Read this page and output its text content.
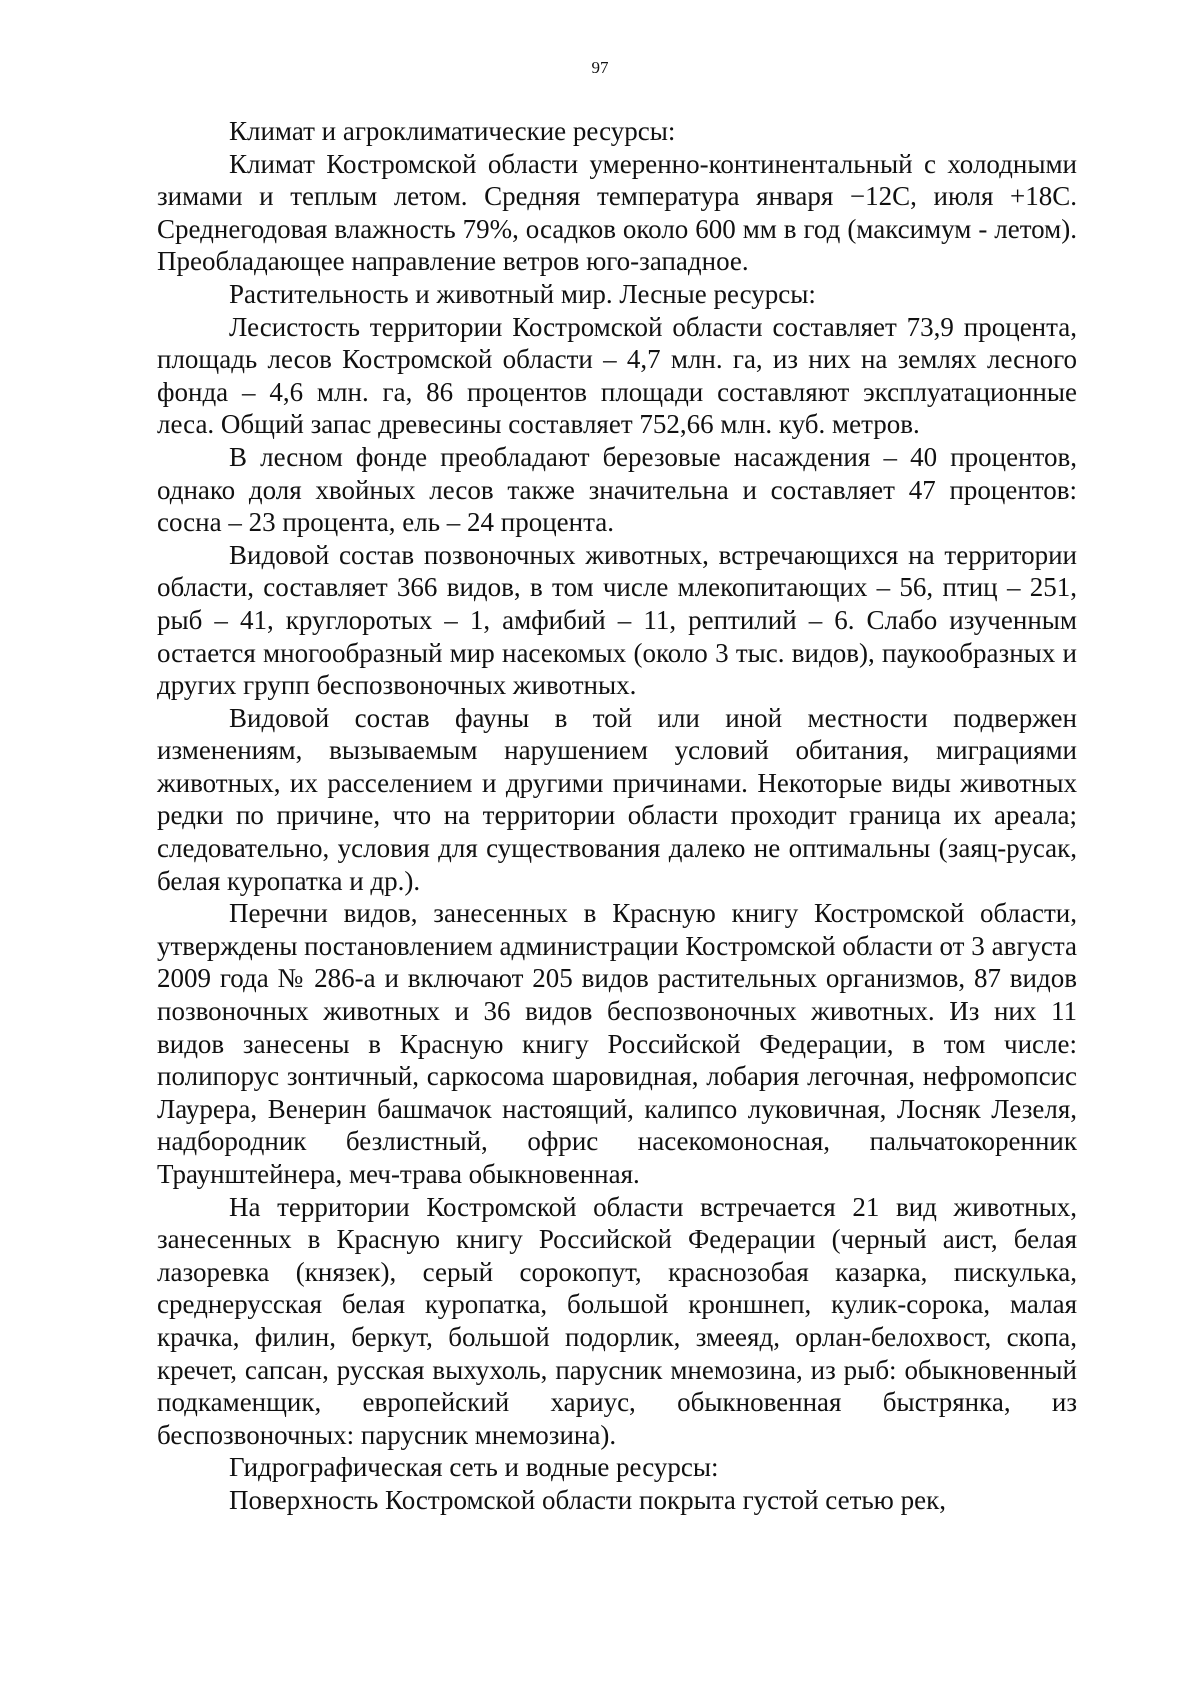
97

Климат и агроклиматические ресурсы:

Климат Костромской области умеренно-континентальный с холодными зимами и теплым летом. Средняя температура января −12С, июля +18С. Среднегодовая влажность 79%, осадков около 600 мм в год (максимум - летом). Преобладающее направление ветров юго-западное.

Растительность и животный мир. Лесные ресурсы:

Лесистость территории Костромской области составляет 73,9 процента, площадь лесов Костромской области – 4,7 млн. га, из них на землях лесного фонда – 4,6 млн. га, 86 процентов площади составляют эксплуатационные леса. Общий запас древесины составляет 752,66 млн. куб. метров.

В лесном фонде преобладают березовые насаждения – 40 процентов, однако доля хвойных лесов также значительна и составляет 47 процентов: сосна – 23 процента, ель – 24 процента.

Видовой состав позвоночных животных, встречающихся на территории области, составляет 366 видов, в том числе млекопитающих – 56, птиц – 251, рыб – 41, круглоротых – 1, амфибий – 11, рептилий – 6. Слабо изученным остается многообразный мир насекомых (около 3 тыс. видов), паукообразных и других групп беспозвоночных животных.

Видовой состав фауны в той или иной местности подвержен изменениям, вызываемым нарушением условий обитания, миграциями животных, их расселением и другими причинами. Некоторые виды животных редки по причине, что на территории области проходит граница их ареала; следовательно, условия для существования далеко не оптимальны (заяц-русак, белая куропатка и др.).

Перечни видов, занесенных в Красную книгу Костромской области, утверждены постановлением администрации Костромской области от 3 августа 2009 года № 286-а и включают 205 видов растительных организмов, 87 видов позвоночных животных и 36 видов беспозвоночных животных. Из них 11 видов занесены в Красную книгу Российской Федерации, в том числе: полипорус зонтичный, саркосома шаровидная, лобария легочная, нефромопсис Лаурера, Венерин башмачок настоящий, калипсо луковичная, Лосняк Лезеля, надбородник безлистный, офрис насекомоносная, пальчатокоренник Траунштейнера, меч-трава обыкновенная.

На территории Костромской области встречается 21 вид животных, занесенных в Красную книгу Российской Федерации (черный аист, белая лазоревка (князек), серый сорокопут, краснозобая казарка, пискулька, среднерусская белая куропатка, большой кроншнеп, кулик-сорока, малая крачка, филин, беркут, большой подорлик, змееяд, орлан-белохвост, скопа, кречет, сапсан, русская выхухоль, парусник мнемозина, из рыб: обыкновенный подкаменщик, европейский хариус, обыкновенная быстрянка, из беспозвоночных: парусник мнемозина).

Гидрографическая сеть и водные ресурсы:

Поверхность Костромской области покрыта густой сетью рек,
